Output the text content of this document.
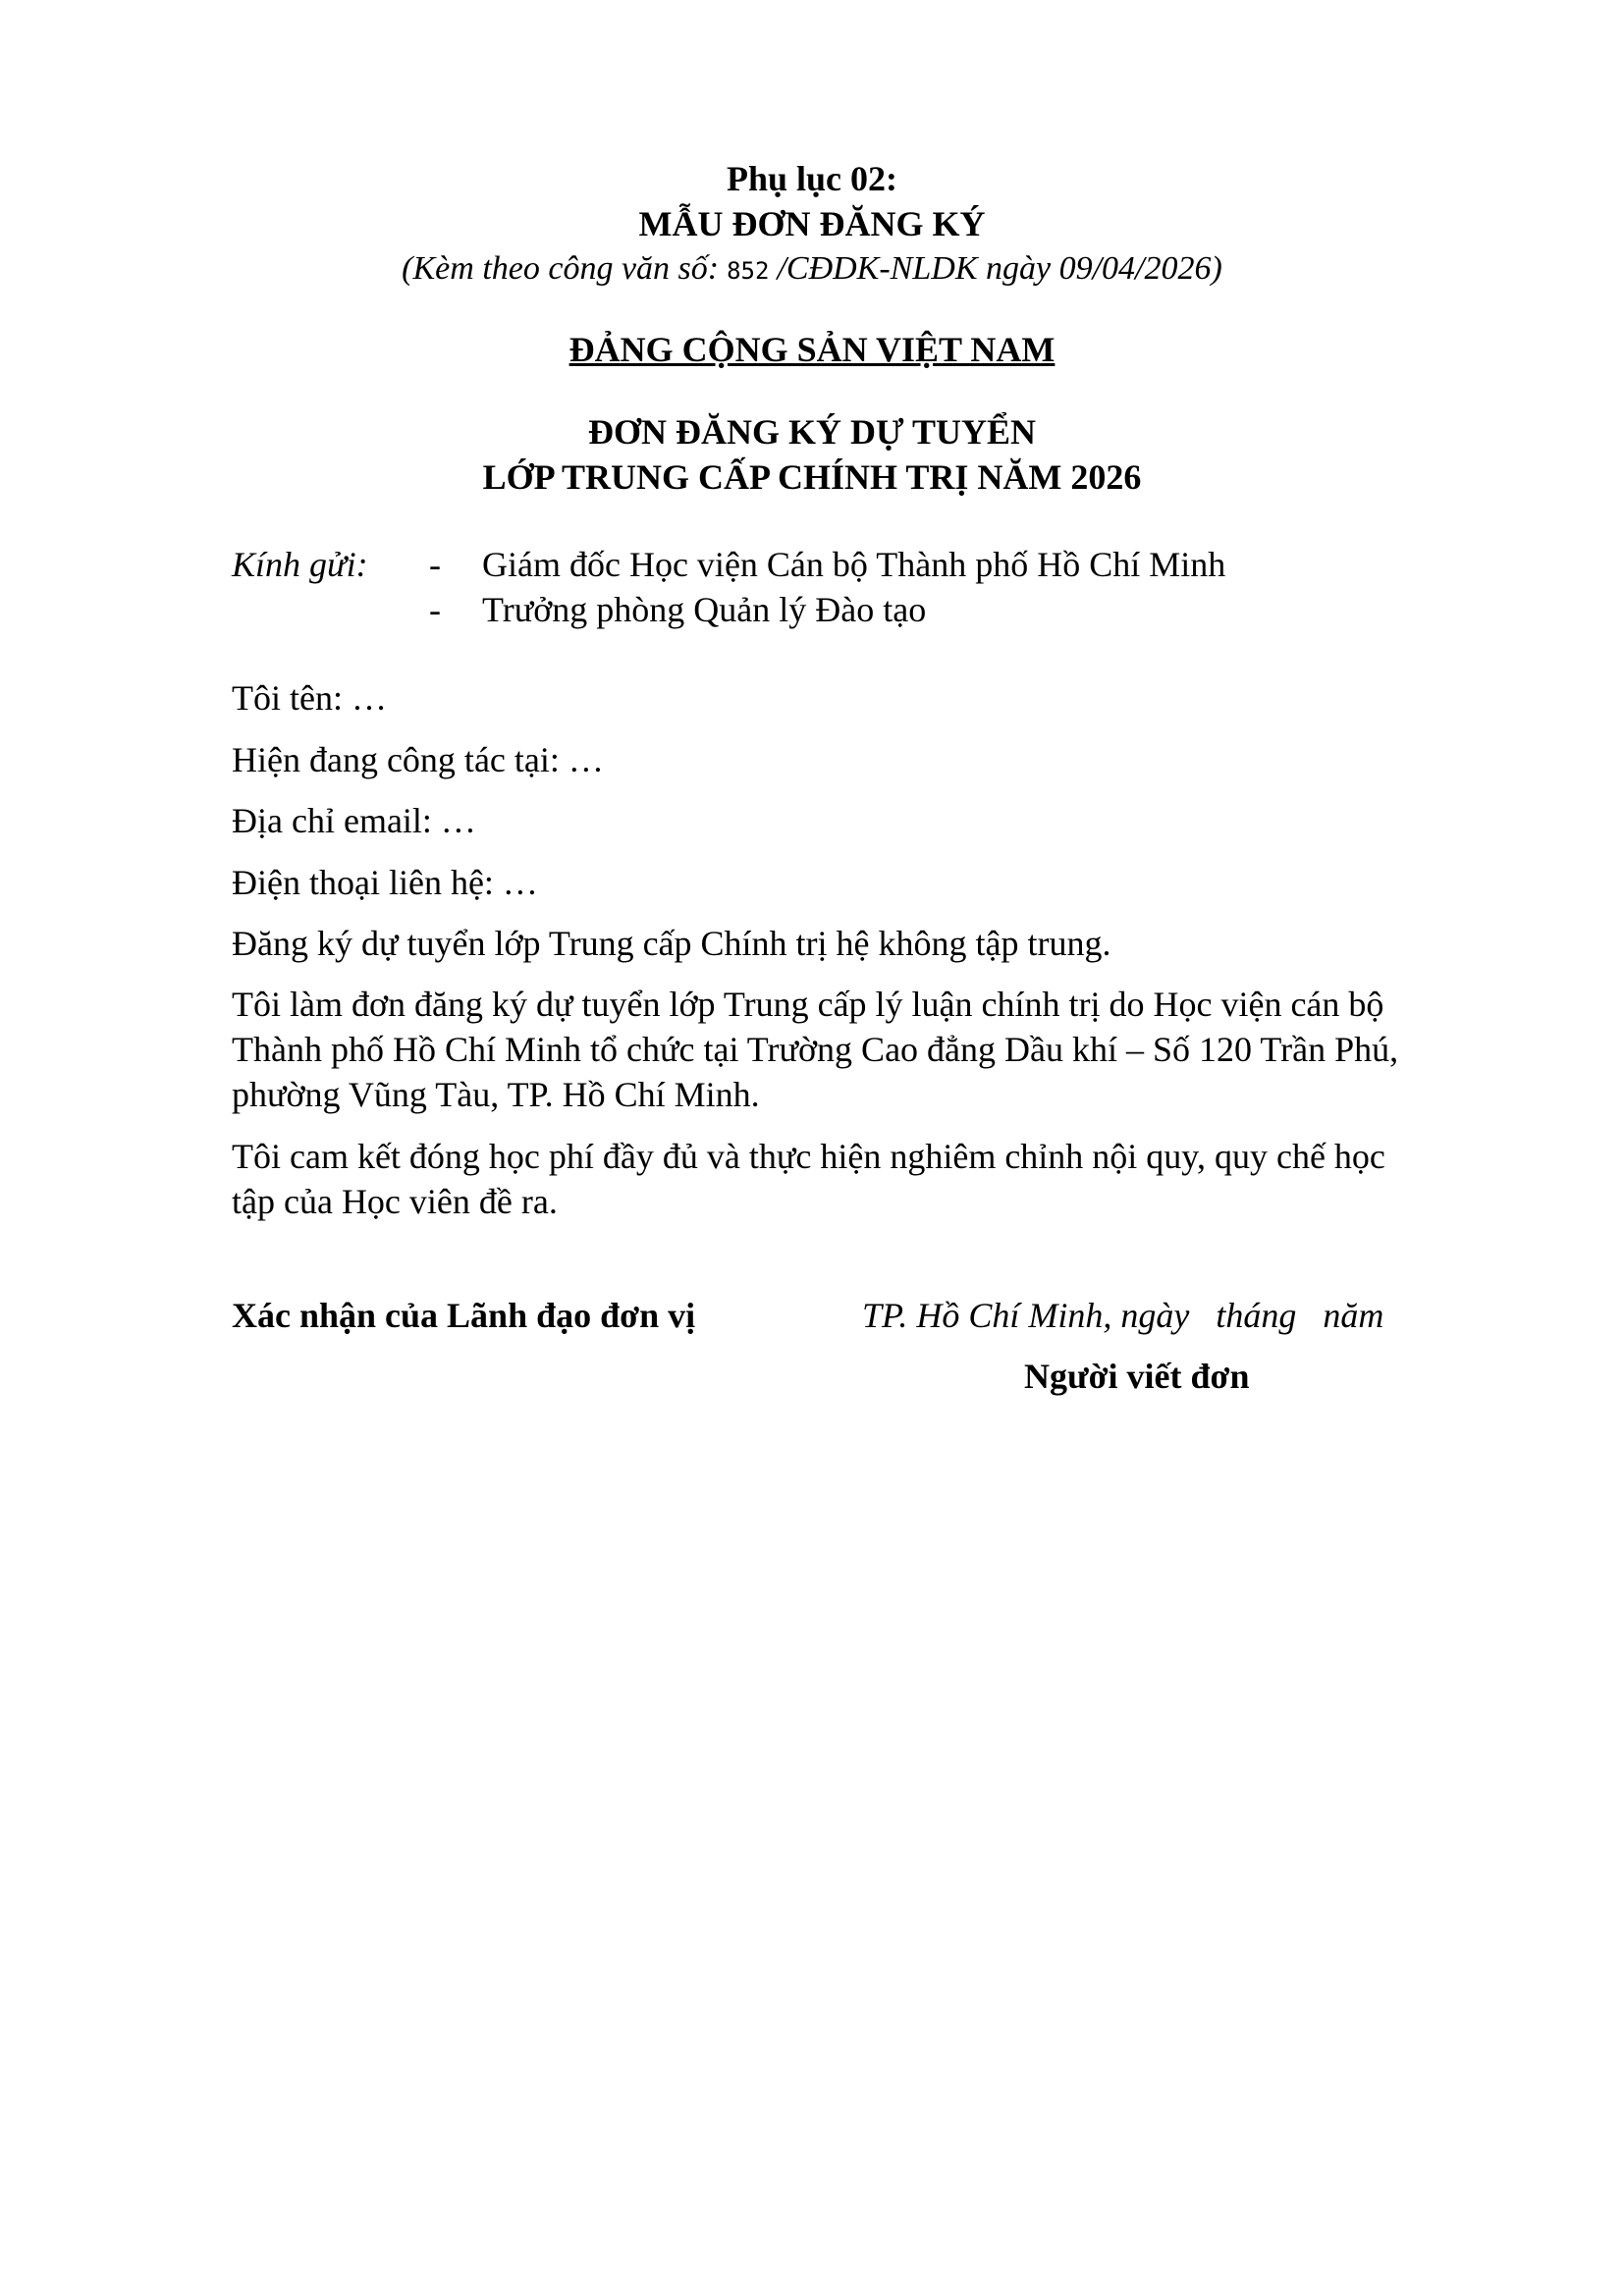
Phụ lục 02:
MẪU ĐƠN ĐĂNG KÝ
(Kèm theo công văn số: 852 /CĐDK-NLDK ngày 09/04/2026)
ĐẢNG CỘNG SẢN VIỆT NAM
ĐƠN ĐĂNG KÝ DỰ TUYỂN
LỚP TRUNG CẤP CHÍNH TRỊ NĂM 2026
Kính gửi: - Giám đốc Học viện Cán bộ Thành phố Hồ Chí Minh
- Trưởng phòng Quản lý Đào tạo
Tôi tên: …
Hiện đang công tác tại: …
Địa chỉ email: …
Điện thoại liên hệ: …
Đăng ký dự tuyển lớp Trung cấp Chính trị hệ không tập trung.
Tôi làm đơn đăng ký dự tuyển lớp Trung cấp lý luận chính trị do Học viện cán bộ
Thành phố Hồ Chí Minh tổ chức tại Trường Cao đẳng Dầu khí – Số 120 Trần Phú,
phường Vũng Tàu, TP. Hồ Chí Minh.
Tôi cam kết đóng học phí đầy đủ và thực hiện nghiêm chỉnh nội quy, quy chế học
tập của Học viên đề ra.
Xác nhận của Lãnh đạo đơn vị	TP. Hồ Chí Minh, ngày   tháng   năm
Người viết đơn
